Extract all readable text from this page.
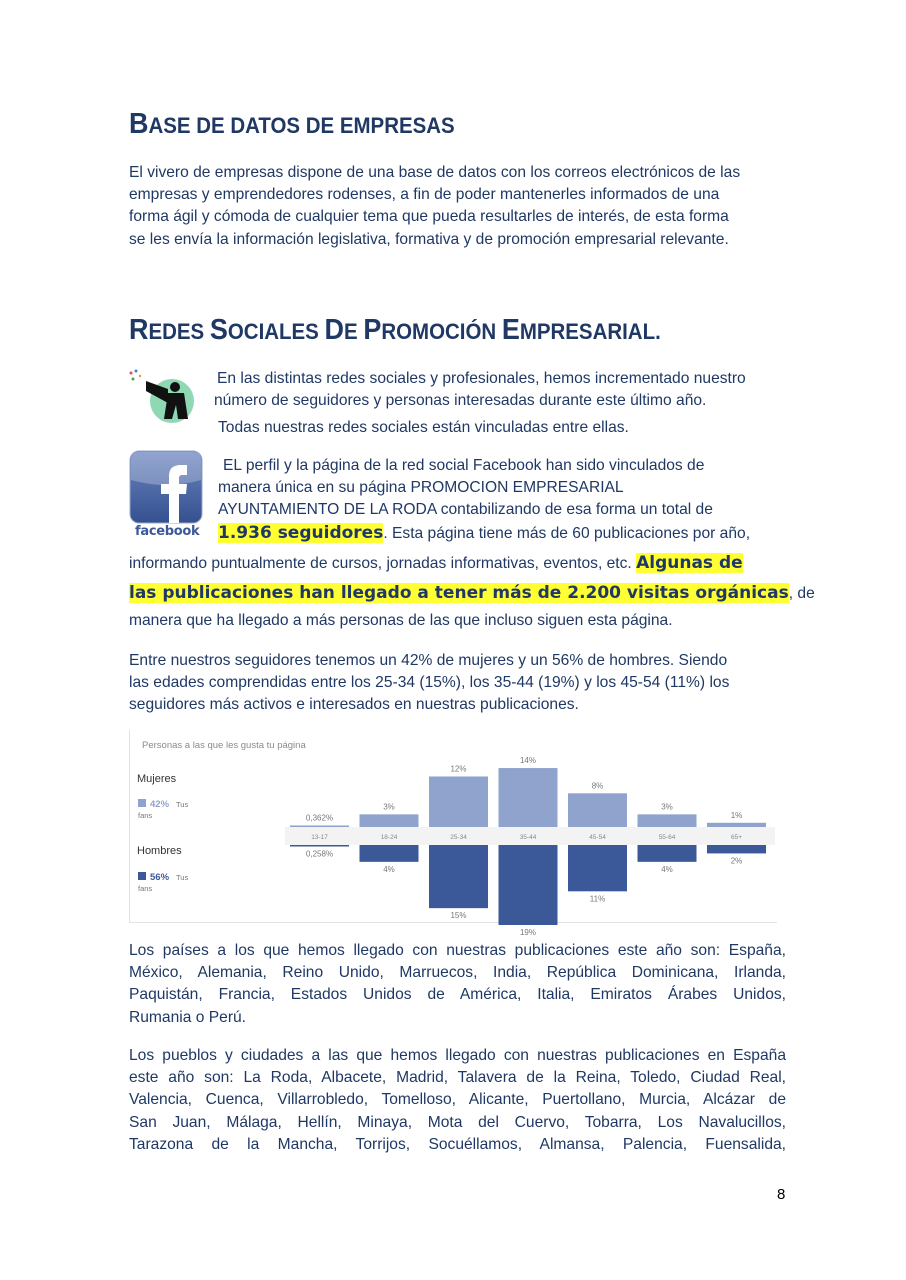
BASE DE DATOS DE EMPRESAS
El vivero de empresas dispone de una base de datos con los correos electrónicos de las
empresas y emprendedores rodenses, a fin de poder mantenerles informados de una
forma ágil y cómoda de cualquier tema que pueda resultarles de interés, de esta forma
se les envía la información legislativa, formativa y de promoción empresarial relevante.
REDES SOCIALES DE PROMOCIÓN EMPRESARIAL.
En las distintas redes sociales y profesionales, hemos incrementado nuestro
número de seguidores y personas interesadas durante este último año.
Todas nuestras redes sociales están vinculadas entre ellas.
facebook
EL perfil y la página de la red social Facebook han sido vinculados de
manera única en su página PROMOCION EMPRESARIAL
AYUNTAMIENTO DE LA RODA contabilizando de esa forma un total de
1.936 seguidores. Esta página tiene más de 60 publicaciones por año,
informando puntualmente de cursos, jornadas informativas, eventos, etc. Algunas de
las publicaciones han llegado a tener más de 2.200 visitas orgánicas, de
manera que ha llegado a más personas de las que incluso siguen esta página.
Entre nuestros seguidores tenemos un 42% de mujeres y un 56% de hombres. Siendo
las edades comprendidas entre los 25-34 (15%), los 35-44 (19%) y los 45-54 (11%) los
seguidores más activos e interesados en nuestras publicaciones.
Personas a las que les gusta tu página
Mujeres
42% Tus
fans
Hombres
56% Tus
fans
0,362%
0,258%
13-17
3%
4%
18-24
12%
15%
25-34
14%
19%
35-44
8%
11%
45-54
3%
4%
55-64
1%
2%
65+
Los países a los que hemos llegado con nuestras publicaciones este año son: España,
México, Alemania, Reino Unido, Marruecos, India, República Dominicana, Irlanda,
Paquistán, Francia, Estados Unidos de América, Italia, Emiratos Árabes Unidos,
Rumania o Perú.
Los pueblos y ciudades a las que hemos llegado con nuestras publicaciones en España
este año son: La Roda, Albacete, Madrid, Talavera de la Reina, Toledo, Ciudad Real,
Valencia, Cuenca, Villarrobledo, Tomelloso, Alicante, Puertollano, Murcia, Alcázar de
San Juan, Málaga, Hellín, Minaya, Mota del Cuervo, Tobarra, Los Navalucillos,
Tarazona de la Mancha, Torrijos, Socuéllamos, Almansa, Palencia, Fuensalida,
8
